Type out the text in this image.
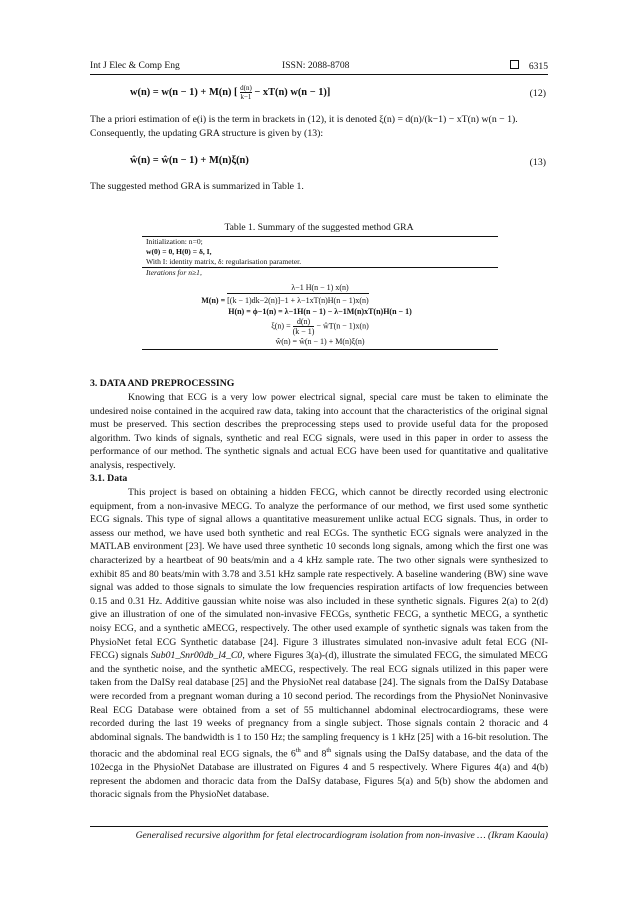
Int J Elec & Comp Eng	ISSN: 2088-8708	6315
w(n) = w(n − 1) + M(n) [ $\frac{d(n)}{k-1} - xT(n) w(n - 1)$]	(12)

The a priori estimation of e(i) is the term in brackets in (12), it is denoted ξ(n) = d(n)/(k−1) − xT(n) w(n − 1).

Consequently, the updating GRA structure is given by (13):

ŵ(n) = ŵ(n − 1) + M(n)ξ(n)	(13)
The suggested method GRA is summarized in Table 1.
Table 1. Summary of the suggested method GRA
Initialization: n=0;
w(0) = 0, H(0) = δ, I,
With I: identity matrix, δ: regularisation parameter.
Iterations for n≥1,
λ−1 H(n − 1) x(n)
M(n) = [(k − 1)dk−2(n)]−1 + λ−1xT(n)H(n − 1)x(n)
H(n) = ϕ−1(n) = λ−1H(n − 1) − λ−1M(n)xT(n)H(n − 1)
$\xi(n) = \frac{d(n)}{(k - 1)}$ − ŵT(n − 1)x(n)
ŵ(n) = ŵ(n − 1) + M(n)ξ(n)
3. DATA AND PREPROCESSING
Knowing that ECG is a very low power electrical signal, special care must be taken to eliminate the undesired noise contained in the acquired raw data, taking into account that the characteristics of the original signal must be preserved. This section describes the preprocessing steps used to provide useful data for the proposed algorithm. Two kinds of signals, synthetic and real ECG signals, were used in this paper in order to assess the performance of our method. The synthetic signals and actual ECG have been used for quantitative and qualitative analysis, respectively.
3.1. Data
This project is based on obtaining a hidden FECG, which cannot be directly recorded using electronic equipment, from a non-invasive MECG. To analyze the performance of our method, we first used some synthetic ECG signals. This type of signal allows a quantitative measurement unlike actual ECG signals. Thus, in order to assess our method, we have used both synthetic and real ECGs. The synthetic ECG signals were analyzed in the MATLAB environment [23]. We have used three synthetic 10 seconds long signals, among which the first one was characterized by a heartbeat of 90 beats/min and a 4 kHz sample rate. The two other signals were synthesized to exhibit 85 and 80 beats/min with 3.78 and 3.51 kHz sample rate respectively. A baseline wandering (BW) sine wave signal was added to those signals to simulate the low frequencies respiration artifacts of low frequencies between 0.15 and 0.31 Hz. Additive gaussian white noise was also included in these synthetic signals. Figures 2(a) to 2(d) give an illustration of one of the simulated non-invasive FECGs, synthetic FECG, a synthetic MECG, a synthetic noisy ECG, and a synthetic aMECG, respectively. The other used example of synthetic signals was taken from the PhysioNet fetal ECG Synthetic database [24]. Figure 3 illustrates simulated non-invasive adult fetal ECG (NI-FECG) signals Sub01_Snr00db_l4_C0, where Figures 3(a)-(d), illustrate the simulated FECG, the simulated MECG and the synthetic noise, and the synthetic aMECG, respectively. The real ECG signals utilized in this paper were taken from the DaISy real database [25] and the PhysioNet real database [24]. The signals from the DaISy Database were recorded from a pregnant woman during a 10 second period. The recordings from the PhysioNet Noninvasive Real ECG Database were obtained from a set of 55 multichannel abdominal electrocardiograms, these were recorded during the last 19 weeks of pregnancy from a single subject. Those signals contain 2 thoracic and 4 abdominal signals. The bandwidth is 1 to 150 Hz; the sampling frequency is 1 kHz [25] with a 16-bit resolution. The thoracic and the abdominal real ECG signals, the 6th and 8th signals using the DaISy database, and the data of the 102ecga in the PhysioNet Database are illustrated on Figures 4 and 5 respectively. Where Figures 4(a) and 4(b) represent the abdomen and thoracic data from the DaISy database, Figures 5(a) and 5(b) show the abdomen and thoracic signals from the PhysioNet database.
Generalised recursive algorithm for fetal electrocardiogram isolation from non-invasive … (Ikram Kaoula)
